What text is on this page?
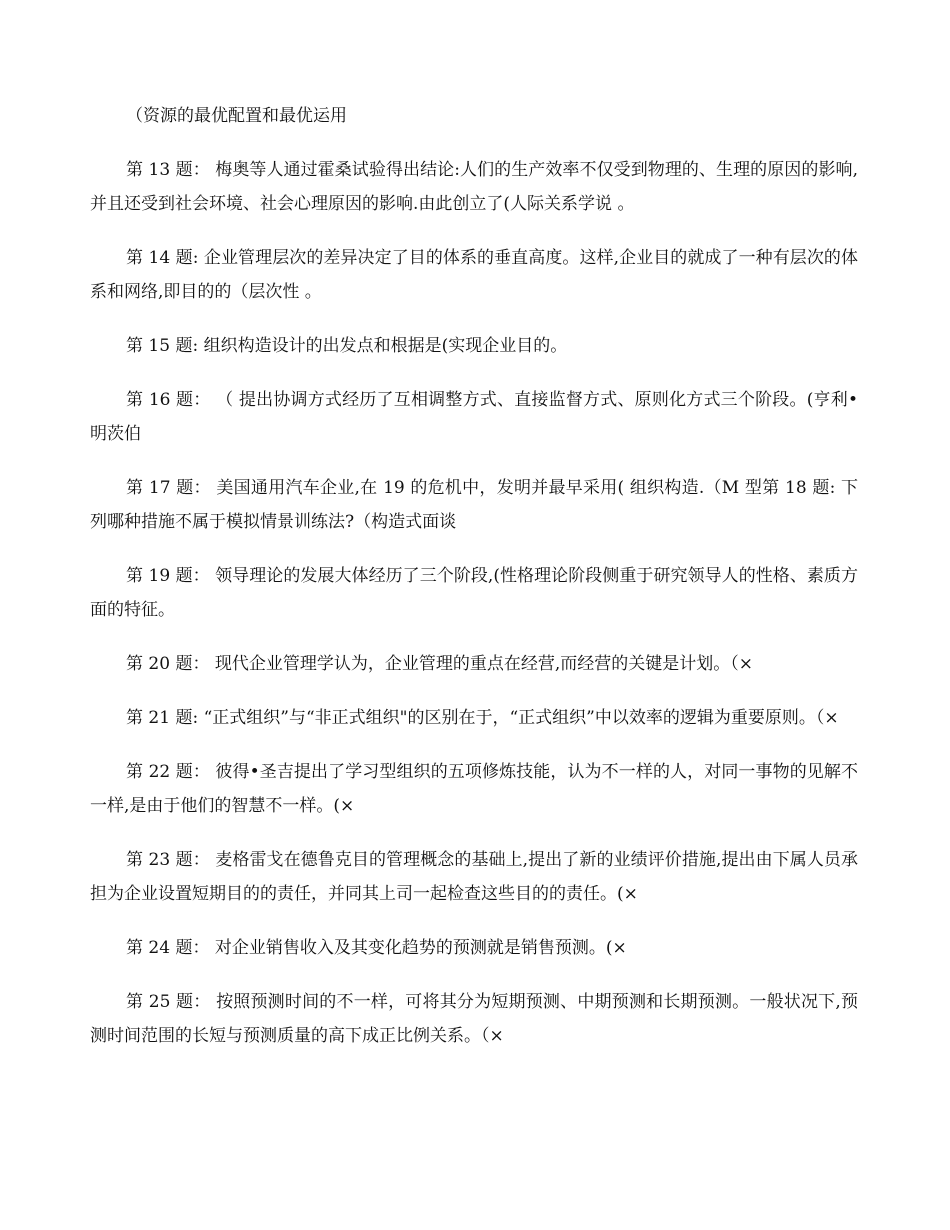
（资源的最优配置和最优运用

第 13 题： 梅奥等人通过霍桑试验得出结论:人们的生产效率不仅受到物理的、生理的原因的影响,并且还受到社会环境、社会心理原因的影响.由此创立了(人际关系学说 。

第 14 题: 企业管理层次的差异决定了目的体系的垂直高度。这样,企业目的就成了一种有层次的体系和网络,即目的的（层次性 。

第 15 题: 组织构造设计的出发点和根据是(实现企业目的。

第 16 题： （ 提出协调方式经历了互相调整方式、直接监督方式、原则化方式三个阶段。(亨利•明茨伯

第 17 题： 美国通用汽车企业,在 19 的危机中，发明并最早采用( 组织构造.（M 型第 18 题: 下列哪种措施不属于模拟情景训练法?（构造式面谈

第 19 题： 领导理论的发展大体经历了三个阶段,(性格理论阶段侧重于研究领导人的性格、素质方面的特征。

第 20 题： 现代企业管理学认为，企业管理的重点在经营,而经营的关键是计划。（×

第 21 题: “正式组织”与“非正式组织"的区别在于，“正式组织”中以效率的逻辑为重要原则。（×

第 22 题： 彼得•圣吉提出了学习型组织的五项修炼技能，认为不一样的人，对同一事物的见解不一样,是由于他们的智慧不一样。(×

第 23 题： 麦格雷戈在德鲁克目的管理概念的基础上,提出了新的业绩评价措施,提出由下属人员承担为企业设置短期目的的责任，并同其上司一起检查这些目的的责任。(×

第 24 题： 对企业销售收入及其变化趋势的预测就是销售预测。(×

第 25 题： 按照预测时间的不一样，可将其分为短期预测、中期预测和长期预测。一般状况下,预测时间范围的长短与预测质量的高下成正比例关系。（×
